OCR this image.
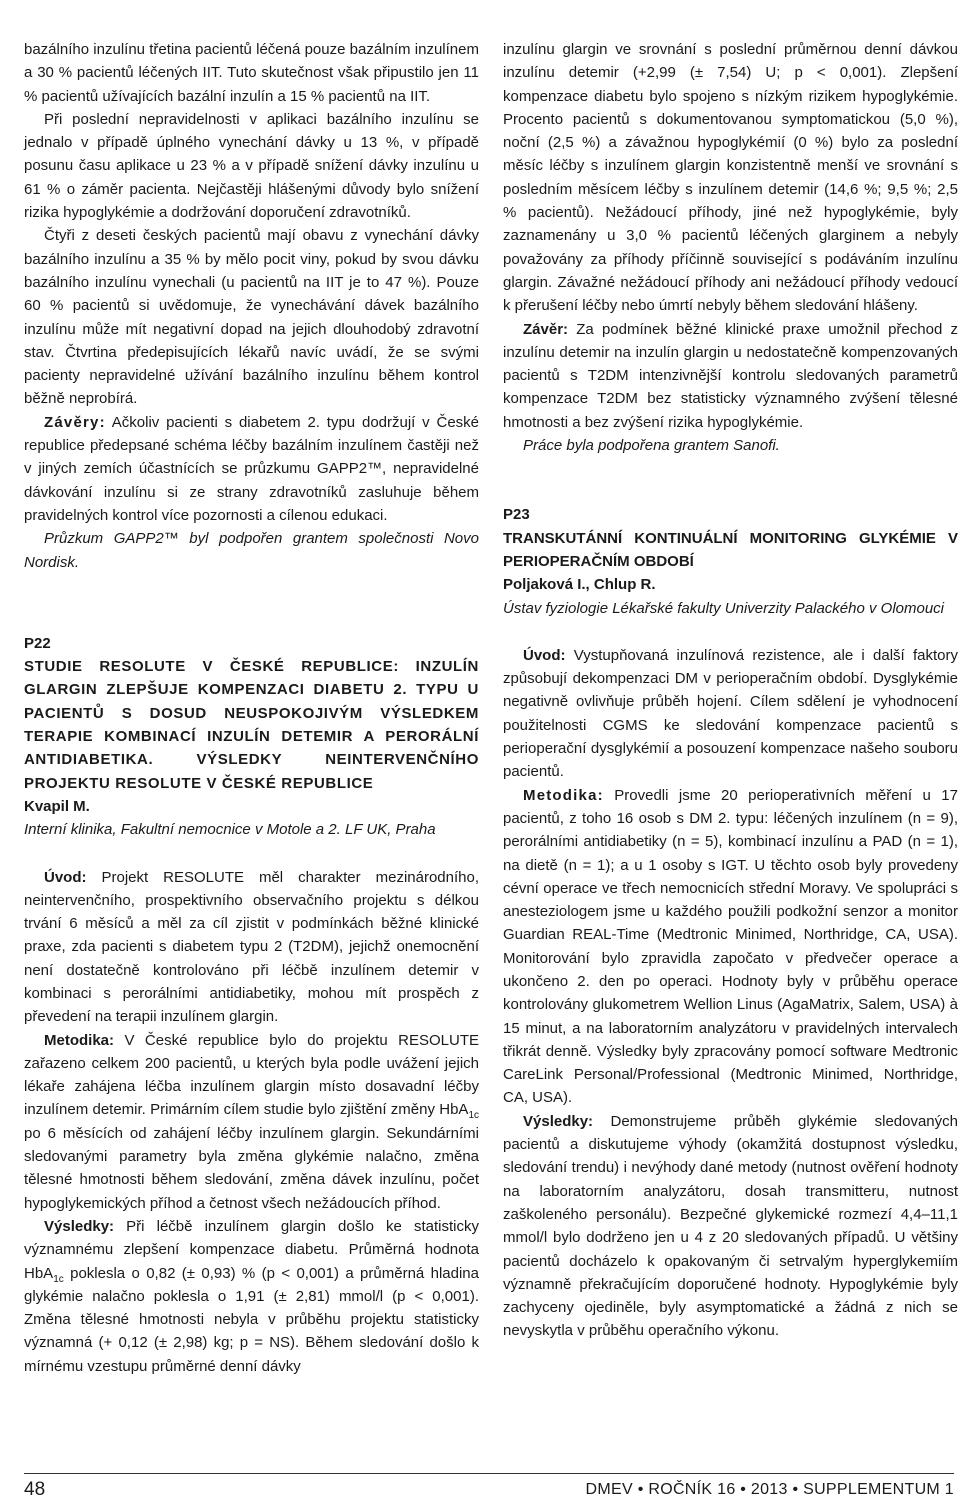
bazálního inzulínu třetina pacientů léčená pouze bazálním inzulínem a 30 % pacientů léčených IIT. Tuto skutečnost však připustilo jen 11 % pacientů užívajících bazální inzulín a 15 % pacientů na IIT.

Při poslední nepravidelnosti v aplikaci bazálního inzulínu se jednalo v případě úplného vynechání dávky u 13 %, v případě posunu času aplikace u 23 % a v případě snížení dávky inzulínu u 61 % o záměr pacienta. Nejčastěji hlášenými důvody bylo snížení rizika hypoglykémie a dodržování doporučení zdravotníků.

Čtyři z deseti českých pacientů mají obavu z vynechání dávky bazálního inzulínu a 35 % by mělo pocit viny, pokud by svou dávku bazálního inzulínu vynechali (u pacientů na IIT je to 47 %). Pouze 60 % pacientů si uvědomuje, že vynechávání dávek bazálního inzulínu může mít negativní dopad na jejich dlouhodobý zdravotní stav. Čtvrtina předepisujících lékařů navíc uvádí, že se svými pacienty nepravidelné užívání bazálního inzulínu během kontrol běžně neprobírá.

Závěry: Ačkoliv pacienti s diabetem 2. typu dodržují v České republice předepsané schéma léčby bazálním inzulínem častěji než v jiných zemích účastnících se průzkumu GAPP2™, nepravidelné dávkování inzulínu si ze strany zdravotníků zasluhuje během pravidelných kontrol více pozornosti a cílenou edukaci.

Průzkum GAPP2™ byl podpořen grantem společnosti Novo Nordisk.

P22
STUDIE RESOLUTE V ČESKÉ REPUBLICE: INZULÍN GLARGIN ZLEPŠUJE KOMPENZACI DIABETU 2. TYPU U PACIENTŮ S DOSUD NEUSPOKOJIVÝM VÝSLEDKEM TERAPIE KOMBINACÍ INZULÍN DETEMIR A PERORÁLNÍ ANTIDIABETIKA. VÝSLEDKY NEINTERVENČNÍHO PROJEKTU RESOLUTE V ČESKÉ REPUBLICE
Kvapil M.
Interní klinika, Fakultní nemocnice v Motole a 2. LF UK, Praha

Úvod: Projekt RESOLUTE měl charakter mezinárodního, neintervenčního, prospektivního observačního projektu s délkou trvání 6 měsíců a měl za cíl zjistit v podmínkách běžné klinické praxe, zda pacienti s diabetem typu 2 (T2DM), jejichž onemocnění není dostatečně kontrolováno při léčbě inzulínem detemir v kombinaci s perorálními antidiabetiky, mohou mít prospěch z převedení na terapii inzulínem glargin.

Metodika: V České republice bylo do projektu RESOLUTE zařazeno celkem 200 pacientů, u kterých byla podle uvážení jejich lékaře zahájena léčba inzulínem glargin místo dosavadní léčby inzulínem detemir. Primárním cílem studie bylo zjištění změny HbA$_{1c}$ po 6 měsících od zahájení léčby inzulínem glargin. Sekundárními sledovanými parametry byla změna glykémie nalačno, změna tělesné hmotnosti během sledování, změna dávek inzulínu, počet hypoglykemických příhod a četnost všech nežádoucích příhod.

Výsledky: Při léčbě inzulínem glargin došlo ke statisticky významnému zlepšení kompenzace diabetu. Průměrná hodnota HbA$_{1c}$ poklesla o 0,82 (± 0,93) % (p < 0,001) a průměrná hladina glykémie nalačno poklesla o 1,91 (± 2,81) mmol/l (p < 0,001). Změna tělesné hmotnosti nebyla v průběhu projektu statisticky významná (+ 0,12 (± 2,98) kg; p = NS). Během sledování došlo k mírnému vzestupu průměrné denní dávky

inzulínu glargin ve srovnání s poslední průměrnou denní dávkou inzulínu detemir (+2,99 (± 7,54) U; p < 0,001). Zlepšení kompenzace diabetu bylo spojeno s nízkým rizikem hypoglykémie. Procento pacientů s dokumentovanou symptomatickou (5,0 %), noční (2,5 %) a závažnou hypoglykémií (0 %) bylo za poslední měsíc léčby s inzulínem glargin konzistentně menší ve srovnání s posledním měsícem léčby s inzulínem detemir (14,6 %; 9,5 %; 2,5 % pacientů). Nežádoucí příhody, jiné než hypoglykémie, byly zaznamenány u 3,0 % pacientů léčených glarginem a nebyly považovány za příhody příčinně související s podáváním inzulínu glargin. Závažné nežádoucí příhody ani nežádoucí příhody vedoucí k přerušení léčby nebo úmrtí nebyly během sledování hlášeny.

Závěr: Za podmínek běžné klinické praxe umožnil přechod z inzulínu detemir na inzulín glargin u nedostatečně kompenzovaných pacientů s T2DM intenzivnější kontrolu sledovaných parametrů kompenzace T2DM bez statisticky významného zvýšení tělesné hmotnosti a bez zvýšení rizika hypoglykémie.

Práce byla podpořena grantem Sanofi.

P23
TRANSKUTÁNNÍ KONTINUÁLNÍ MONITORING GLYKÉMIE V PERIOPERAČNÍM OBDOBÍ
Poljaková I., Chlup R.
Ústav fyziologie Lékařské fakulty Univerzity Palackého v Olomouci

Úvod: Vystupňovaná inzulínová rezistence, ale i další faktory způsobují dekompenzaci DM v perioperačním období. Dysglykémie negativně ovlivňuje průběh hojení. Cílem sdělení je vyhodnocení použitelnosti CGMS ke sledování kompenzace pacientů s perioperační dysglykémií a posouzení kompenzace našeho souboru pacientů.

Metodika: Provedli jsme 20 perioperativních měření u 17 pacientů, z toho 16 osob s DM 2. typu: léčených inzulínem (n = 9), perorálními antidiabetiky (n = 5), kombinací inzulínu a PAD (n = 1), na dietě (n = 1); a u 1 osoby s IGT. U těchto osob byly provedeny cévní operace ve třech nemocnicích střední Moravy. Ve spolupráci s anesteziologem jsme u každého použili podkožní senzor a monitor Guardian REAL-Time (Medtronic Minimed, Northridge, CA, USA). Monitorování bylo zpravidla započato v předvečer operace a ukončeno 2. den po operaci. Hodnoty byly v průběhu operace kontrolovány glukometrem Wellion Linus (AgaMatrix, Salem, USA) à 15 minut, a na laboratorním analyzátoru v pravidelných intervalech třikrát denně. Výsledky byly zpracovány pomocí software Medtronic CareLink Personal/Professional (Medtronic Minimed, Northridge, CA, USA).

Výsledky: Demonstrujeme průběh glykémie sledovaných pacientů a diskutujeme výhody (okamžitá dostupnost výsledku, sledování trendu) i nevýhody dané metody (nutnost ověření hodnoty na laboratorním analyzátoru, dosah transmitteru, nutnost zaškoleného personálu). Bezpečné glykemické rozmezí 4,4–11,1 mmol/l bylo dodrženo jen u 4 z 20 sledovaných případů. U většiny pacientů docházelo k opakovaným či setrvalým hyperglykemiím významně překračujícím doporučené hodnoty. Hypoglykémie byly zachyceny ojediněle, byly asymptomatické a žádná z nich se nevyskytla v průběhu operačního výkonu.

48	DMEV • ROČNÍK 16 • 2013 • SUPPLEMENTUM 1
